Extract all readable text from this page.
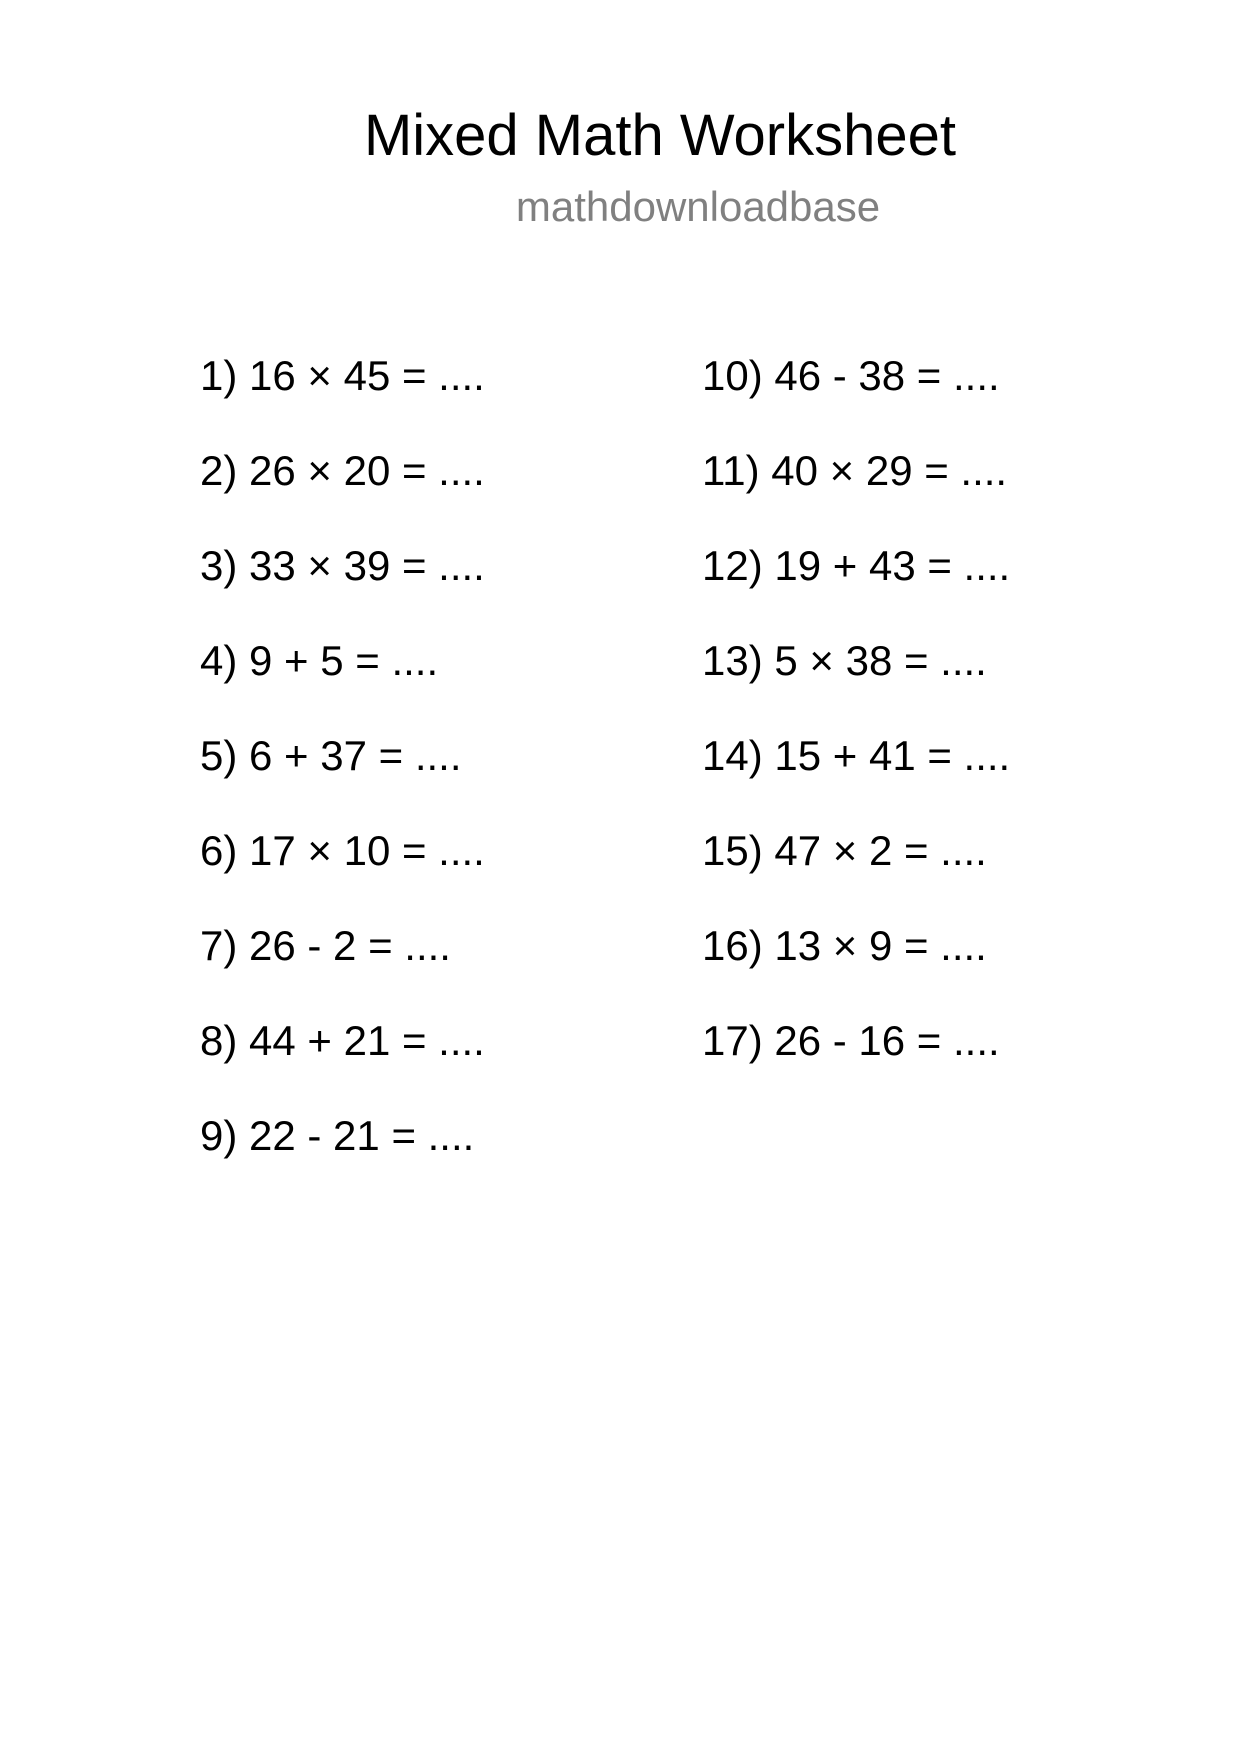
Mixed Math Worksheet
mathdownloadbase
1) 16 × 45 = ....
2) 26 × 20 = ....
3) 33 × 39 = ....
4) 9 + 5 = ....
5) 6 + 37 = ....
6) 17 × 10 = ....
7) 26 - 2 = ....
8) 44 + 21 = ....
9) 22 - 21 = ....
10) 46 - 38 = ....
11) 40 × 29 = ....
12) 19 + 43 = ....
13) 5 × 38 = ....
14) 15 + 41 = ....
15) 47 × 2 = ....
16) 13 × 9 = ....
17) 26 - 16 = ....
